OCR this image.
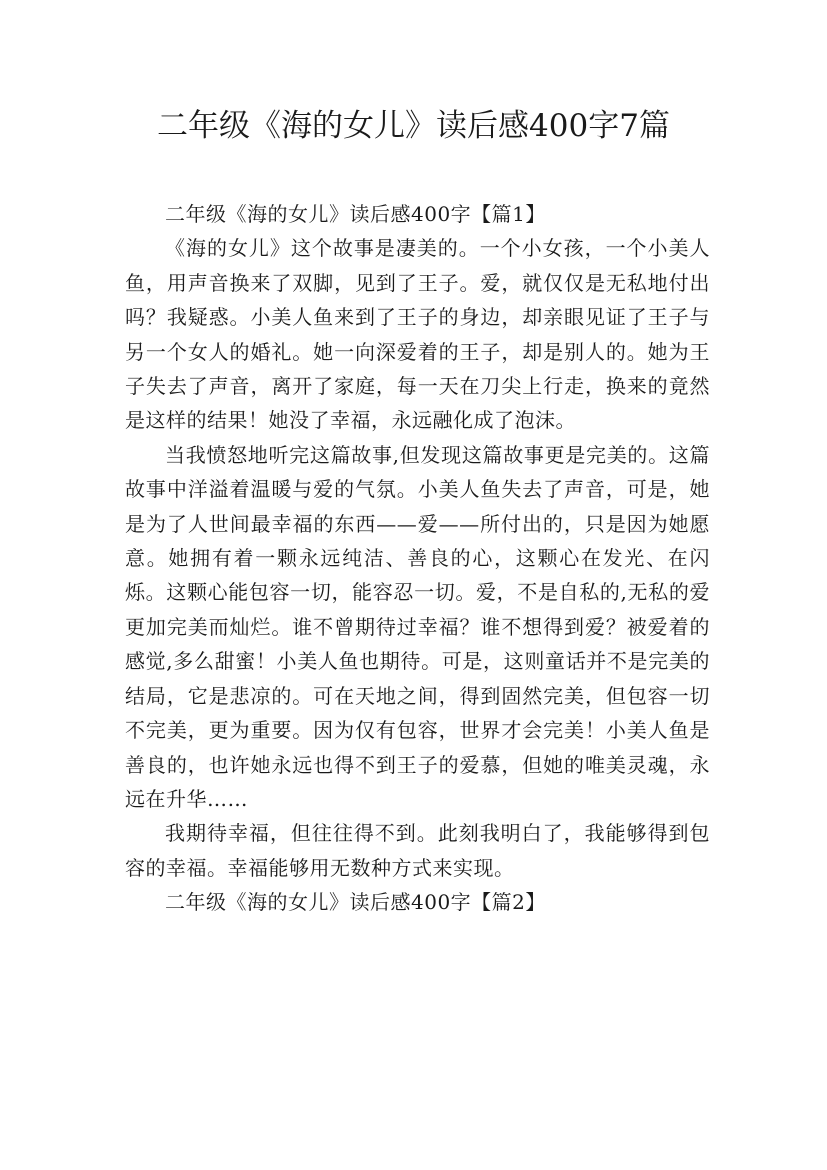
二年级《海的女儿》读后感400字7篇

二年级《海的女儿》读后感400字【篇1】

《海的女儿》这个故事是凄美的。一个小女孩，一个小美人鱼，用声音换来了双脚，见到了王子。爱，就仅仅是无私地付出吗？我疑惑。小美人鱼来到了王子的身边，却亲眼见证了王子与另一个女人的婚礼。她一向深爱着的王子，却是别人的。她为王子失去了声音，离开了家庭，每一天在刀尖上行走，换来的竟然是这样的结果！她没了幸福，永远融化成了泡沫。

当我愤怒地听完这篇故事,但发现这篇故事更是完美的。这篇故事中洋溢着温暖与爱的气氛。小美人鱼失去了声音，可是，她是为了人世间最幸福的东西——爱——所付出的，只是因为她愿意。她拥有着一颗永远纯洁、善良的心，这颗心在发光、在闪烁。这颗心能包容一切，能容忍一切。爱，不是自私的,无私的爱更加完美而灿烂。谁不曾期待过幸福？谁不想得到爱？被爱着的感觉,多么甜蜜！小美人鱼也期待。可是，这则童话并不是完美的结局，它是悲凉的。可在天地之间，得到固然完美，但包容一切不完美，更为重要。因为仅有包容，世界才会完美！小美人鱼是善良的，也许她永远也得不到王子的爱慕，但她的唯美灵魂，永远在升华……

我期待幸福，但往往得不到。此刻我明白了，我能够得到包容的幸福。幸福能够用无数种方式来实现。

二年级《海的女儿》读后感400字【篇2】
